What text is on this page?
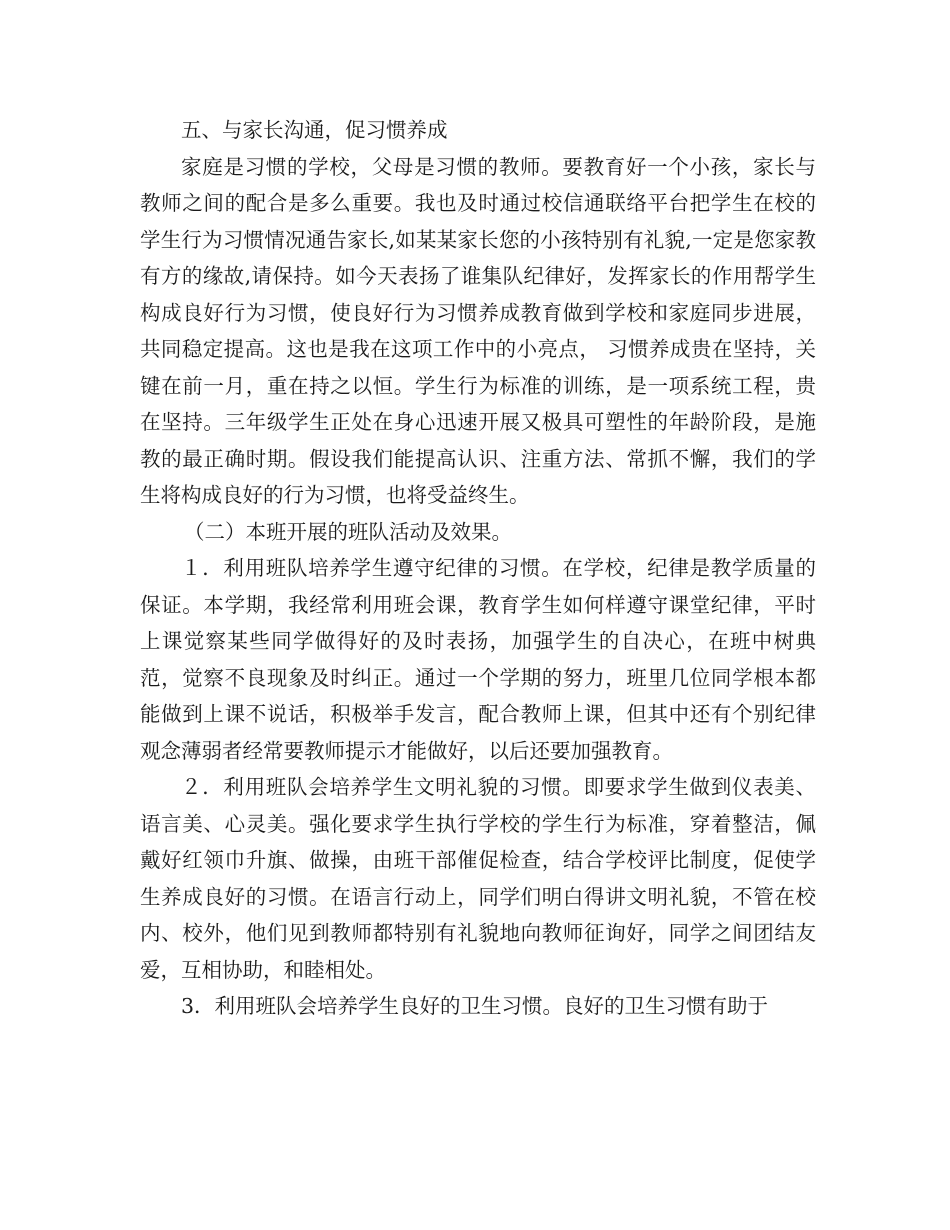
五、与家长沟通，促习惯养成

家庭是习惯的学校，父母是习惯的教师。要教育好一个小孩，家长与教师之间的配合是多么重要。我也及时通过校信通联络平台把学生在校的学生行为习惯情况通告家长,如某某家长您的小孩特别有礼貌,一定是您家教有方的缘故,请保持。如今天表扬了谁集队纪律好，发挥家长的作用帮学生构成良好行为习惯，使良好行为习惯养成教育做到学校和家庭同步进展，共同稳定提高。这也是我在这项工作中的小亮点， 习惯养成贵在坚持，关键在前一月，重在持之以恒。学生行为标准的训练，是一项系统工程，贵在坚持。三年级学生正处在身心迅速开展又极具可塑性的年龄阶段，是施教的最正确时期。假设我们能提高认识、注重方法、常抓不懈，我们的学生将构成良好的行为习惯，也将受益终生。

（二）本班开展的班队活动及效果。

１．利用班队培养学生遵守纪律的习惯。在学校，纪律是教学质量的保证。本学期，我经常利用班会课，教育学生如何样遵守课堂纪律，平时上课觉察某些同学做得好的及时表扬，加强学生的自决心，在班中树典范，觉察不良现象及时纠正。通过一个学期的努力，班里几位同学根本都能做到上课不说话，积极举手发言，配合教师上课，但其中还有个别纪律观念薄弱者经常要教师提示才能做好，以后还要加强教育。

２．利用班队会培养学生文明礼貌的习惯。即要求学生做到仪表美、语言美、心灵美。强化要求学生执行学校的学生行为标准，穿着整洁，佩戴好红领巾升旗、做操，由班干部催促检查，结合学校评比制度，促使学生养成良好的习惯。在语言行动上，同学们明白得讲文明礼貌，不管在校内、校外，他们见到教师都特别有礼貌地向教师征询好，同学之间团结友爱，互相协助，和睦相处。

3．利用班队会培养学生良好的卫生习惯。良好的卫生习惯有助于
